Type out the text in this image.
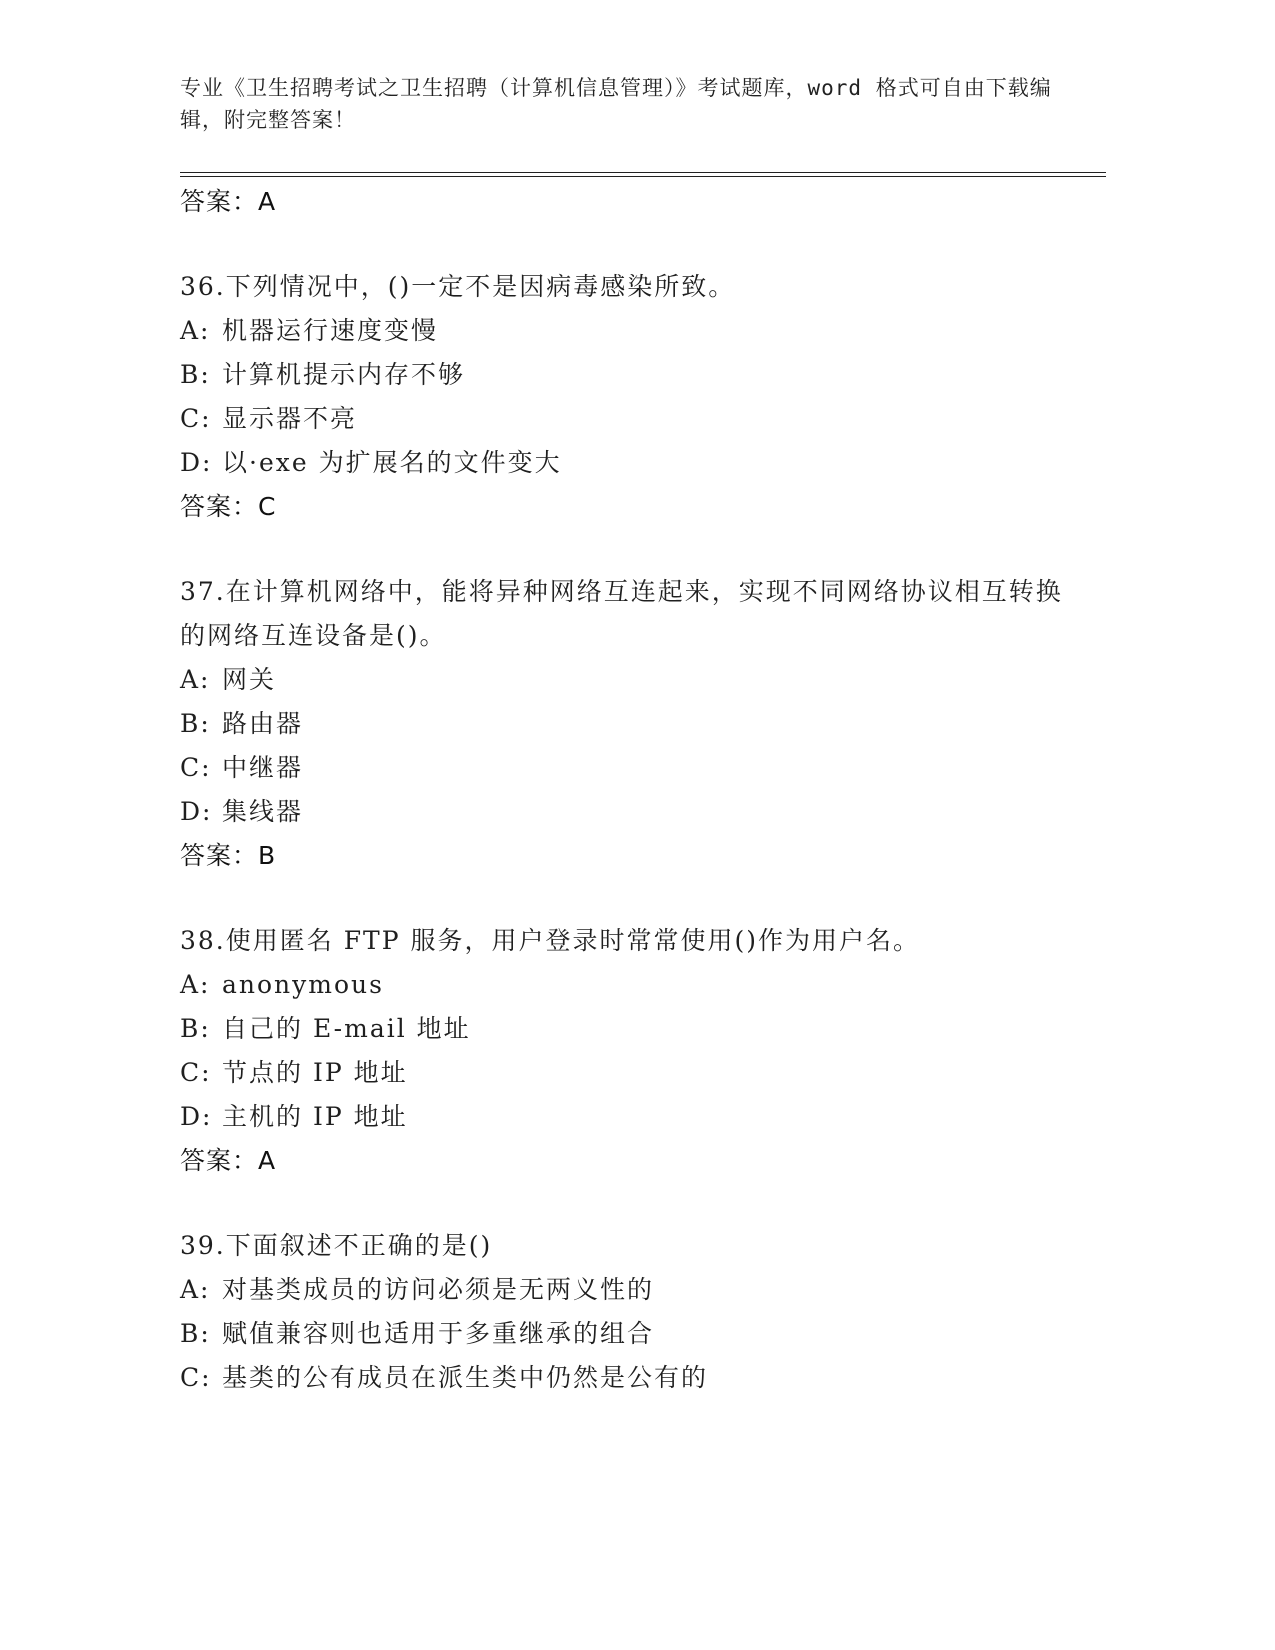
专业《卫生招聘考试之卫生招聘（计算机信息管理）》考试题库，word 格式可自由下载编辑，附完整答案！
答案：A
36.下列情况中，()一定不是因病毒感染所致。
A: 机器运行速度变慢
B: 计算机提示内存不够
C: 显示器不亮
D: 以·exe 为扩展名的文件变大
答案：C
37.在计算机网络中，能将异种网络互连起来，实现不同网络协议相互转换的网络互连设备是()。
A: 网关
B: 路由器
C: 中继器
D: 集线器
答案：B
38.使用匿名 FTP 服务，用户登录时常常使用()作为用户名。
A: anonymous
B: 自己的 E-mail 地址
C: 节点的 IP 地址
D: 主机的 IP 地址
答案：A
39.下面叙述不正确的是()
A: 对基类成员的访问必须是无两义性的
B: 赋值兼容则也适用于多重继承的组合
C: 基类的公有成员在派生类中仍然是公有的
